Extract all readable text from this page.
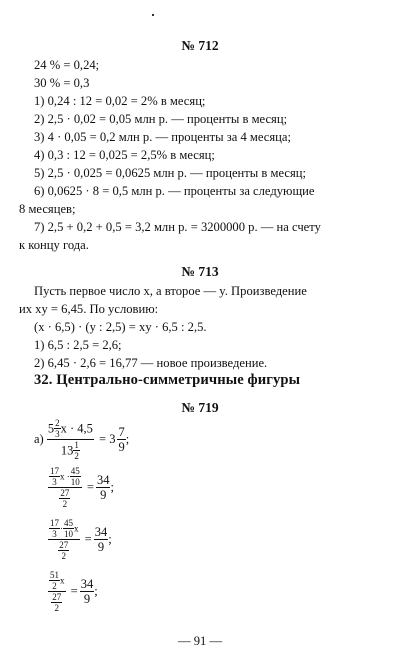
№ 712
24 % = 0,24;
30 % = 0,3
1) 0,24 : 12 = 0,02 = 2% в месяц;
2) 2,5 · 0,02 = 0,05 млн р. — проценты в месяц;
3) 4 · 0,05 = 0,2 млн р. — проценты за 4 месяца;
4) 0,3 : 12 = 0,025 = 2,5% в месяц;
5) 2,5 · 0,025 = 0,0625 млн р. — проценты в месяц;
6) 0,0625 · 8 = 0,5 млн р. — проценты за следующие
8 месяцев;
7) 2,5 + 0,2 + 0,5 = 3,2 млн р. = 3200000 р. — на счету
к концу года.
№ 713
Пусть первое число x, а второе — y. Произведение
их xy = 6,45. По условию:
(x · 6,5) · (y : 2,5) = xy · 6,5 : 2,5.
1) 6,5 : 2,5 = 2,6;
2) 6,45 · 2,6 = 16,77 — новое произведение.
32. Центрально-симметричные фигуры
№ 719
$а) \frac{5 \frac{2}{3} x \cdot 4,5}{13 \frac{1}{2}} = 3 \frac{7}{9}$ ;
$\frac{\frac{17}{3} x \cdot \frac{45}{10}}{\frac{27}{2}} = \frac{34}{9}$ ;
$\frac{\frac{17}{3} \cdot \frac{45}{10} x}{\frac{27}{2}} = \frac{34}{9}$ ;
$\frac{\frac{51}{2} x}{\frac{27}{2}} = \frac{34}{9}$ ;
— 91 —
